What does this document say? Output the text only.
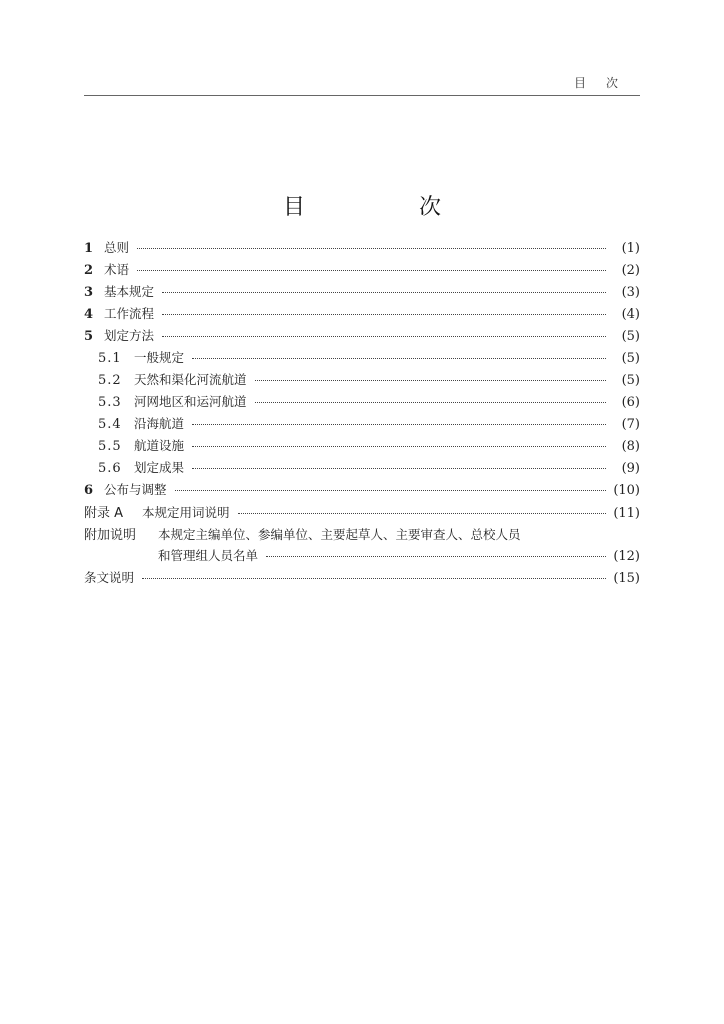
目次
目　次
1 总则	(1)
2 术语	(2)
3 基本规定	(3)
4 工作流程	(4)
5 划定方法	(5)
5.1 一般规定	(5)
5.2 天然和渠化河流航道	(5)
5.3 河网地区和运河航道	(6)
5.4 沿海航道	(7)
5.5 航道设施	(8)
5.6 划定成果	(9)
6 公布与调整	(10)
附录 A	本规定用词说明	(11)
附加说明	本规定主编单位、参编单位、主要起草人、主要审查人、总校人员
和管理组人员名单	(12)
条文说明	(15)
